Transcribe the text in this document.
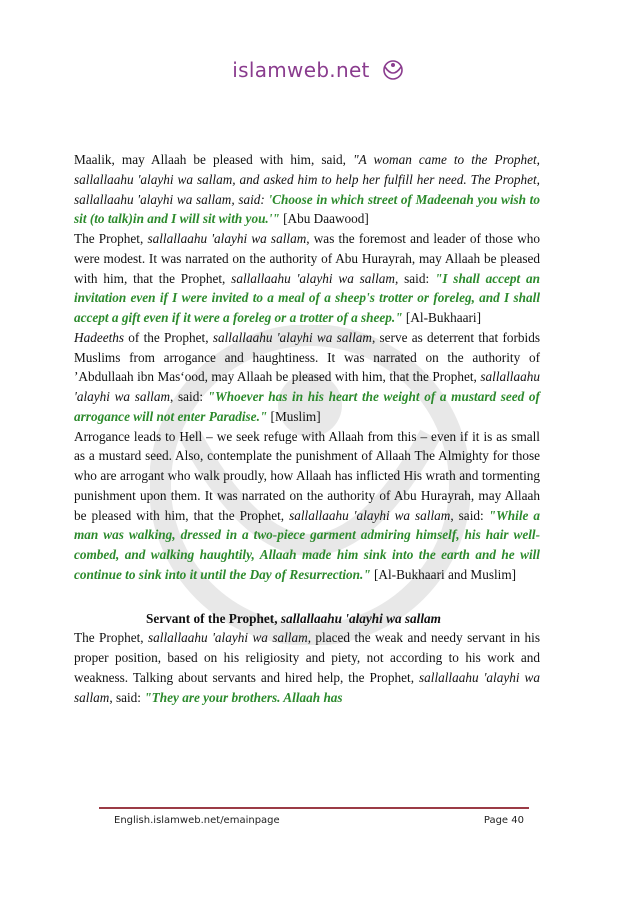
islamweb.net

Maalik, may Allaah be pleased with him, said, "A woman came to the Prophet, sallallaahu 'alayhi wa sallam, and asked him to help her fulfill her need. The Prophet, sallallaahu 'alayhi wa sallam, said: 'Choose in which street of Madeenah you wish to sit (to talk)in and I will sit with you.'" [Abu Daawood]

The Prophet, sallallaahu 'alayhi wa sallam, was the foremost and leader of those who were modest. It was narrated on the authority of Abu Hurayrah, may Allaah be pleased with him, that the Prophet, sallallaahu 'alayhi wa sallam, said: "I shall accept an invitation even if I were invited to a meal of a sheep's trotter or foreleg, and I shall accept a gift even if it were a foreleg or a trotter of a sheep." [Al-Bukhaari]

Hadeeths of the Prophet, sallallaahu 'alayhi wa sallam, serve as deterrent that forbids Muslims from arrogance and haughtiness. It was narrated on the authority of ’Abdullaah ibn Mas‘ood, may Allaah be pleased with him, that the Prophet, sallallaahu 'alayhi wa sallam, said: "Whoever has in his heart the weight of a mustard seed of arrogance will not enter Paradise." [Muslim]

Arrogance leads to Hell – we seek refuge with Allaah from this – even if it is as small as a mustard seed. Also, contemplate the punishment of Allaah The Almighty for those who are arrogant who walk proudly, how Allaah has inflicted His wrath and tormenting punishment upon them. It was narrated on the authority of Abu Hurayrah, may Allaah be pleased with him, that the Prophet, sallallaahu 'alayhi wa sallam, said: "While a man was walking, dressed in a two-piece garment admiring himself, his hair well-combed, and walking haughtily, Allaah made him sink into the earth and he will continue to sink into it until the Day of Resurrection." [Al-Bukhaari and Muslim]

Servant of the Prophet, sallallaahu 'alayhi wa sallam

The Prophet, sallallaahu 'alayhi wa sallam, placed the weak and needy servant in his proper position, based on his religiosity and piety, not according to his work and weakness. Talking about servants and hired help, the Prophet, sallallaahu 'alayhi wa sallam, said: "They are your brothers. Allaah has

English.islamweb.net/emainpage	Page 40
